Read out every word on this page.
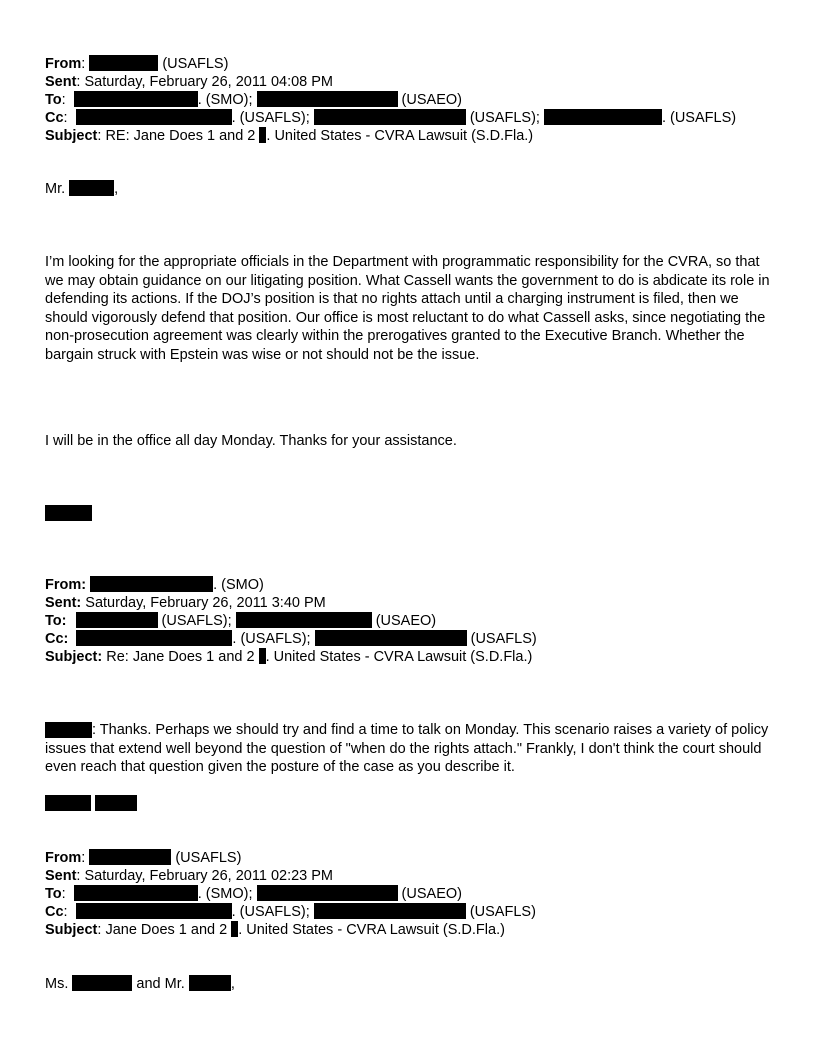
From:	(USAFLS)
Sent: Saturday, February 26, 2011 04:08 PM
To:	. (SMO);	(USAEO)
Cc:	. (USAFLS);	(USAFLS);	. (USAFLS)
Subject: RE: Jane Does 1 and 2 . United States - CVRA Lawsuit (S.D.Fla.)
Mr.	,
I’m looking for the appropriate officials in the Department with programmatic responsibility for the CVRA, so that we may obtain guidance on our litigating position. What Cassell wants the government to do is abdicate its role in defending its actions. If the DOJ’s position is that no rights attach until a charging instrument is filed, then we should vigorously defend that position. Our office is most reluctant to do what Cassell asks, since negotiating the non-prosecution agreement was clearly within the prerogatives granted to the Executive Branch. Whether the bargain struck with Epstein was wise or not should not be the issue.
I will be in the office all day Monday. Thanks for your assistance.
From:	. (SMO)
Sent: Saturday, February 26, 2011 3:40 PM
To:	(USAFLS);	(USAEO)
Cc:	. (USAFLS);	(USAFLS)
Subject: Re: Jane Does 1 and 2 . United States - CVRA Lawsuit (S.D.Fla.)
: Thanks. Perhaps we should try and find a time to talk on Monday. This scenario raises a variety of policy issues that extend well beyond the question of "when do the rights attach." Frankly, I don't think the court should even reach that question given the posture of the case as you describe it.

From:	(USAFLS)
Sent: Saturday, February 26, 2011 02:23 PM
To:	. (SMO);	(USAEO)
Cc:	. (USAFLS);	(USAFLS)
Subject: Jane Does 1 and 2 . United States - CVRA Lawsuit (S.D.Fla.)
Ms.	and Mr.	,
